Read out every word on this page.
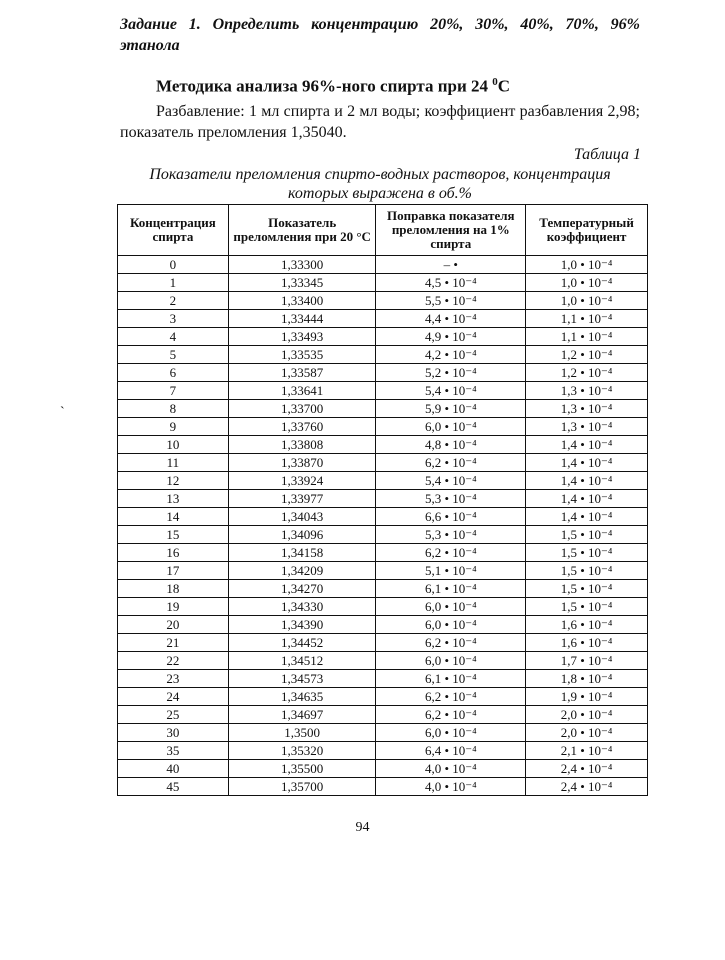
Задание 1. Определить концентрацию 20%, 30%, 40%, 70%, 96% этанола
Методика анализа 96%-ного спирта при 24 $^0$С
Разбавление: 1 мл спирта и 2 мл воды; коэффициент разбавления 2,98; показатель преломления 1,35040.
Таблица 1
Показатели преломления спирто-водных растворов, концентрация которых выражена в об.%
ˋ
Концентрация спирта	Показатель преломления при 20 °С	Поправка показателя преломления на 1% спирта	Температурный коэффициент
0	1,33300	– •	1,0 • 10⁻⁴
1	1,33345	4,5 • 10⁻⁴	1,0 • 10⁻⁴
2	1,33400	5,5 • 10⁻⁴	1,0 • 10⁻⁴
3	1,33444	4,4 • 10⁻⁴	1,1 • 10⁻⁴
4	1,33493	4,9 • 10⁻⁴	1,1 • 10⁻⁴
5	1,33535	4,2 • 10⁻⁴	1,2 • 10⁻⁴
6	1,33587	5,2 • 10⁻⁴	1,2 • 10⁻⁴
7	1,33641	5,4 • 10⁻⁴	1,3 • 10⁻⁴
8	1,33700	5,9 • 10⁻⁴	1,3 • 10⁻⁴
9	1,33760	6,0 • 10⁻⁴	1,3 • 10⁻⁴
10	1,33808	4,8 • 10⁻⁴	1,4 • 10⁻⁴
11	1,33870	6,2 • 10⁻⁴	1,4 • 10⁻⁴
12	1,33924	5,4 • 10⁻⁴	1,4 • 10⁻⁴
13	1,33977	5,3 • 10⁻⁴	1,4 • 10⁻⁴
14	1,34043	6,6 • 10⁻⁴	1,4 • 10⁻⁴
15	1,34096	5,3 • 10⁻⁴	1,5 • 10⁻⁴
16	1,34158	6,2 • 10⁻⁴	1,5 • 10⁻⁴
17	1,34209	5,1 • 10⁻⁴	1,5 • 10⁻⁴
18	1,34270	6,1 • 10⁻⁴	1,5 • 10⁻⁴
19	1,34330	6,0 • 10⁻⁴	1,5 • 10⁻⁴
20	1,34390	6,0 • 10⁻⁴	1,6 • 10⁻⁴
21	1,34452	6,2 • 10⁻⁴	1,6 • 10⁻⁴
22	1,34512	6,0 • 10⁻⁴	1,7 • 10⁻⁴
23	1,34573	6,1 • 10⁻⁴	1,8 • 10⁻⁴
24	1,34635	6,2 • 10⁻⁴	1,9 • 10⁻⁴
25	1,34697	6,2 • 10⁻⁴	2,0 • 10⁻⁴
30	1,3500	6,0 • 10⁻⁴	2,0 • 10⁻⁴
35	1,35320	6,4 • 10⁻⁴	2,1 • 10⁻⁴
40	1,35500	4,0 • 10⁻⁴	2,4 • 10⁻⁴
45	1,35700	4,0 • 10⁻⁴	2,4 • 10⁻⁴
94
